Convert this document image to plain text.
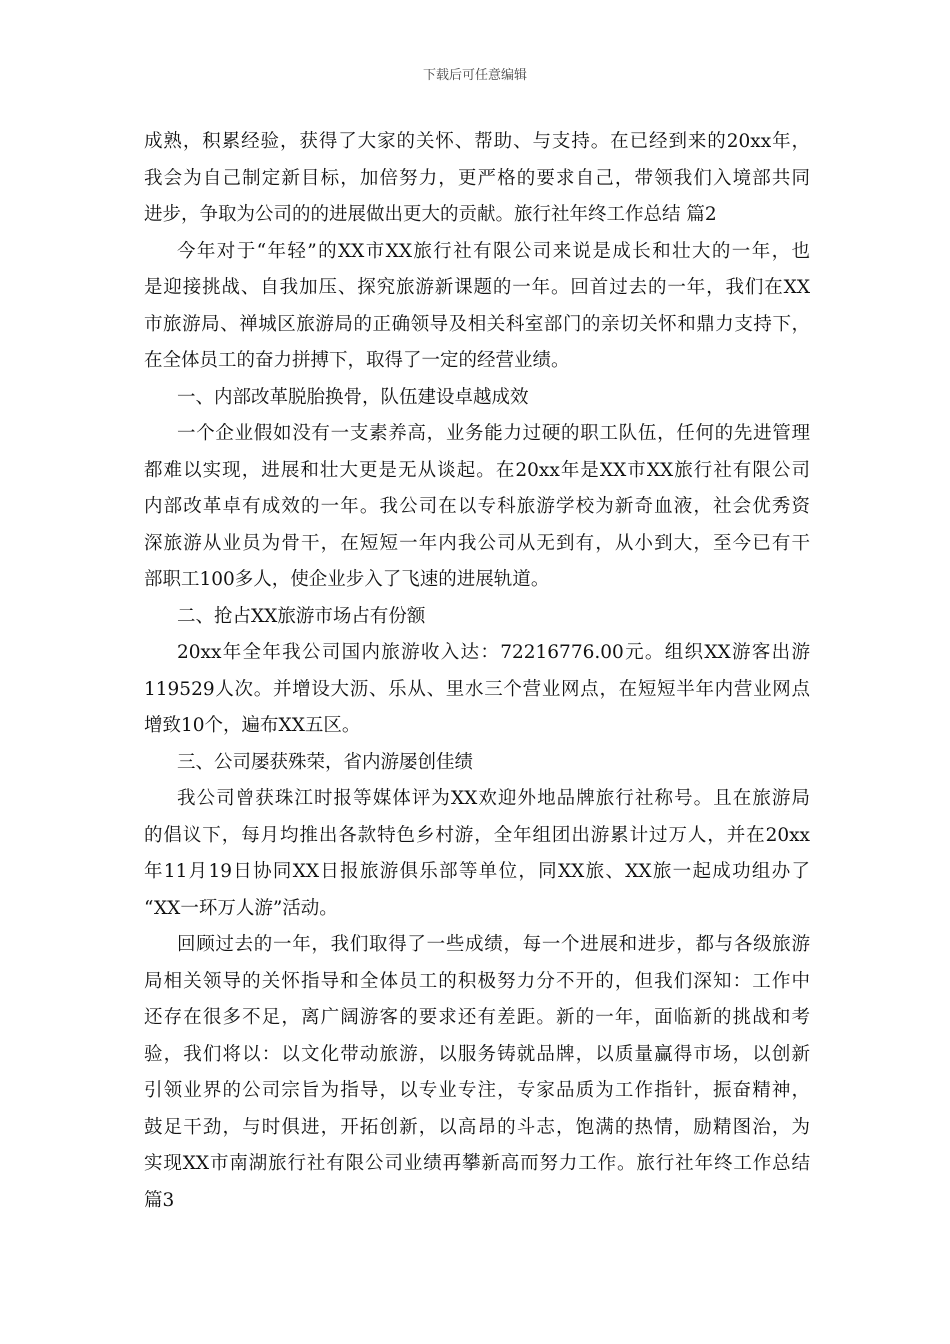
下载后可任意编辑
成熟，积累经验，获得了大家的关怀、帮助、与支持。在已经到来的20xx年，
我会为自己制定新目标，加倍努力，更严格的要求自己，带领我们入境部共同
进步，争取为公司的的进展做出更大的贡献。旅行社年终工作总结 篇2
今年对于“年轻”的XX市XX旅行社有限公司来说是成长和壮大的一年，也
是迎接挑战、自我加压、探究旅游新课题的一年。回首过去的一年，我们在XX
市旅游局、禅城区旅游局的正确领导及相关科室部门的亲切关怀和鼎力支持下，
在全体员工的奋力拼搏下，取得了一定的经营业绩。
一、内部改革脱胎换骨，队伍建设卓越成效
一个企业假如没有一支素养高，业务能力过硬的职工队伍，任何的先进管理
都难以实现，进展和壮大更是无从谈起。在20xx年是XX市XX旅行社有限公司
内部改革卓有成效的一年。我公司在以专科旅游学校为新奇血液，社会优秀资
深旅游从业员为骨干，在短短一年内我公司从无到有，从小到大，至今已有干
部职工100多人，使企业步入了飞速的进展轨道。
二、抢占XX旅游市场占有份额
20xx年全年我公司国内旅游收入达：72216776.00元。组织XX游客出游
119529人次。并增设大沥、乐从、里水三个营业网点，在短短半年内营业网点
增致10个，遍布XX五区。
三、公司屡获殊荣，省内游屡创佳绩
我公司曾获珠江时报等媒体评为XX欢迎外地品牌旅行社称号。且在旅游局
的倡议下，每月均推出各款特色乡村游，全年组团出游累计过万人，并在20xx
年11月19日协同XX日报旅游俱乐部等单位，同XX旅、XX旅一起成功组办了
“XX一环万人游”活动。
回顾过去的一年，我们取得了一些成绩，每一个进展和进步，都与各级旅游
局相关领导的关怀指导和全体员工的积极努力分不开的，但我们深知：工作中
还存在很多不足，离广阔游客的要求还有差距。新的一年，面临新的挑战和考
验，我们将以：以文化带动旅游，以服务铸就品牌，以质量赢得市场，以创新
引领业界的公司宗旨为指导，以专业专注，专家品质为工作指针，振奋精神，
鼓足干劲，与时俱进，开拓创新，以高昂的斗志，饱满的热情，励精图治，为
实现XX市南湖旅行社有限公司业绩再攀新高而努力工作。旅行社年终工作总结
篇3
